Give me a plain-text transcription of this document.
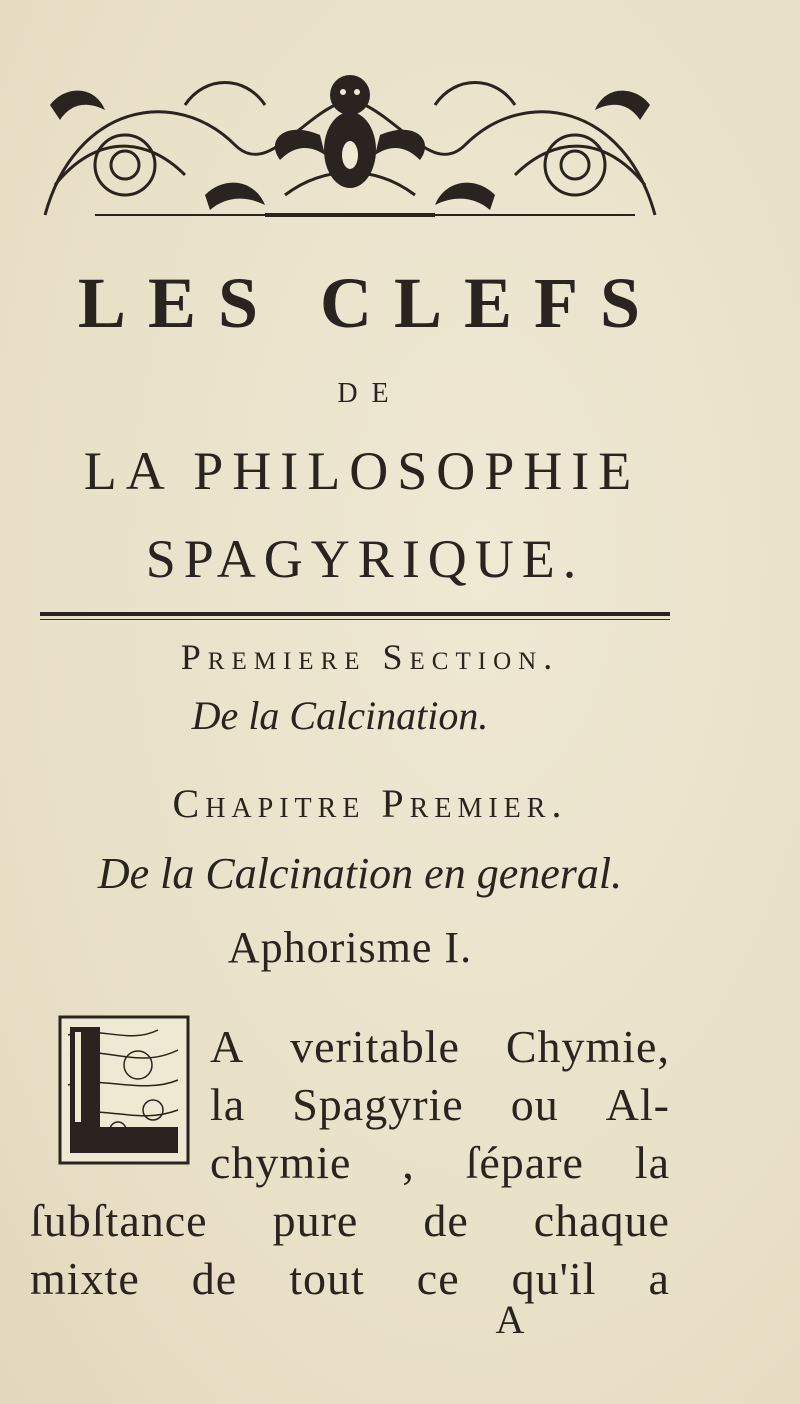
LES CLEFS
DE
LA PHILOSOPHIE
SPAGYRIQUE.
Premiere Section.
De la Calcination.
Chapitre Premier.
De la Calcination en general.
Aphorisme I.
A veritable Chymie,
la Spagyrie ou Al-
chymie , ſépare la
ſubſtance pure de chaque
mixte de tout ce qu'il a
A
